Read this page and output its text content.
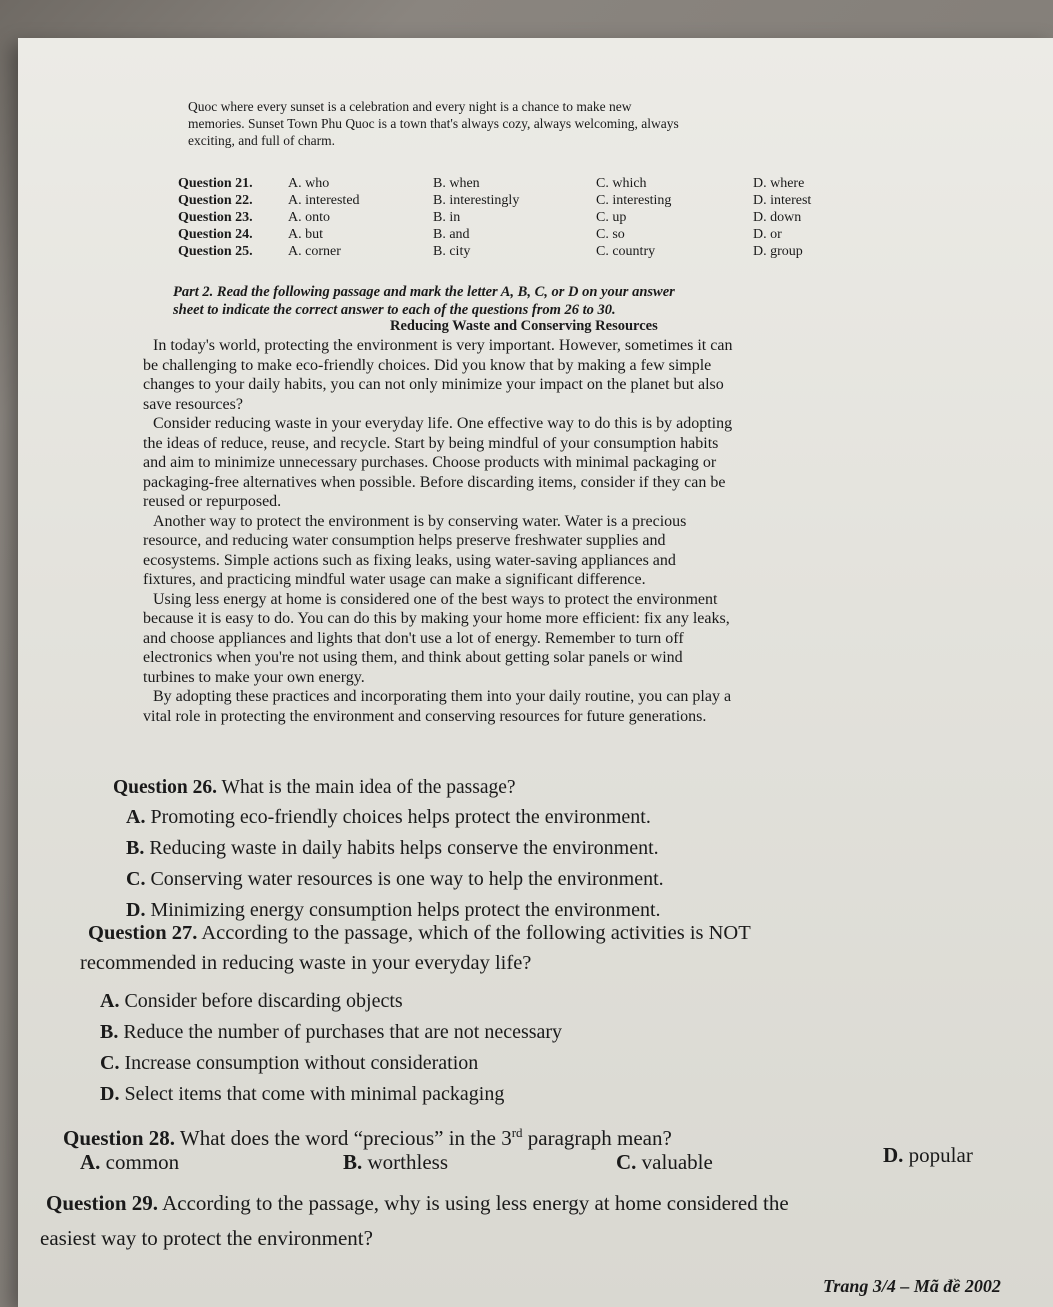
Quoc where every sunset is a celebration and every night is a chance to make new
memories. Sunset Town Phu Quoc is a town that's always cozy, always welcoming, always
exciting, and full of charm.
Question 21.	A. who	B. when	C. which	D. where
Question 22.	A. interested	B. interestingly	C. interesting	D. interest
Question 23.	A. onto	B. in	C. up	D. down
Question 24.	A. but	B. and	C. so	D. or
Question 25.	A. corner	B. city	C. country	D. group
Part 2. Read the following passage and mark the letter A, B, C, or D on your answer
sheet to indicate the correct answer to each of the questions from 26 to 30.
Reducing Waste and Conserving Resources
In today's world, protecting the environment is very important. However, sometimes it can
be challenging to make eco-friendly choices. Did you know that by making a few simple
changes to your daily habits, you can not only minimize your impact on the planet but also
save resources?
Consider reducing waste in your everyday life. One effective way to do this is by adopting
the ideas of reduce, reuse, and recycle. Start by being mindful of your consumption habits
and aim to minimize unnecessary purchases. Choose products with minimal packaging or
packaging-free alternatives when possible. Before discarding items, consider if they can be
reused or repurposed.
Another way to protect the environment is by conserving water. Water is a precious
resource, and reducing water consumption helps preserve freshwater supplies and
ecosystems. Simple actions such as fixing leaks, using water-saving appliances and
fixtures, and practicing mindful water usage can make a significant difference.
Using less energy at home is considered one of the best ways to protect the environment
because it is easy to do. You can do this by making your home more efficient: fix any leaks,
and choose appliances and lights that don't use a lot of energy. Remember to turn off
electronics when you're not using them, and think about getting solar panels or wind
turbines to make your own energy.
By adopting these practices and incorporating them into your daily routine, you can play a
vital role in protecting the environment and conserving resources for future generations.
Question 26. What is the main idea of the passage?
A. Promoting eco-friendly choices helps protect the environment.
B. Reducing waste in daily habits helps conserve the environment.
C. Conserving water resources is one way to help the environment.
D. Minimizing energy consumption helps protect the environment.
Question 27. According to the passage, which of the following activities is NOT
recommended in reducing waste in your everyday life?
A. Consider before discarding objects
B. Reduce the number of purchases that are not necessary
C. Increase consumption without consideration
D. Select items that come with minimal packaging
Question 28. What does the word “precious” in the 3rd paragraph mean?
A. common	B. worthless	C. valuable	D. popular
Question 29. According to the passage, why is using less energy at home considered the
easiest way to protect the environment?
Trang 3/4 – Mã đề 2002
